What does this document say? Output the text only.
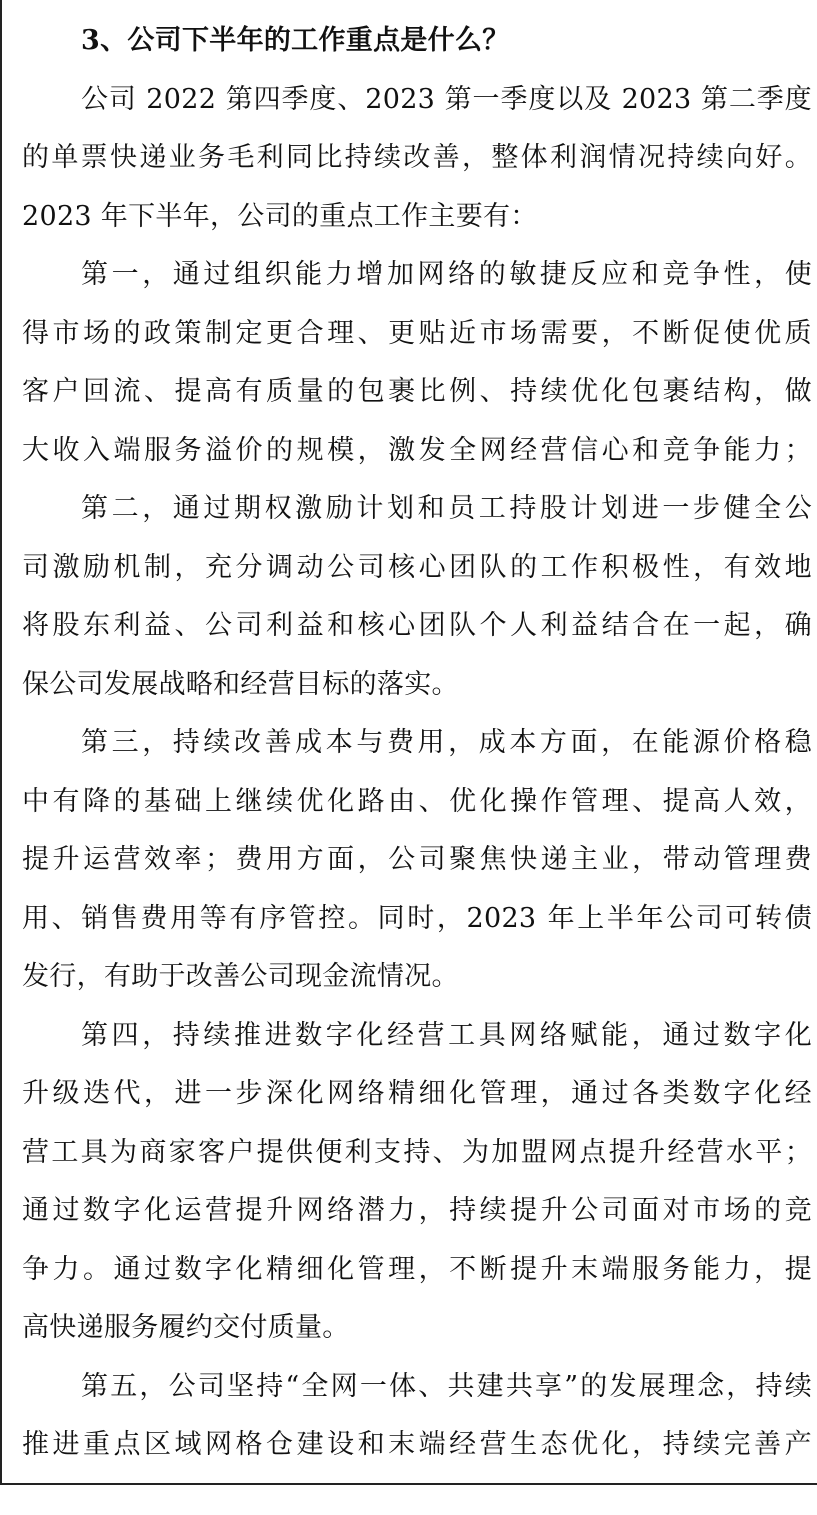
3、公司下半年的工作重点是什么？
公司 2022 第四季度、2023 第一季度以及 2023 第二季度
的单票快递业务毛利同比持续改善，整体利润情况持续向好。
2023 年下半年，公司的重点工作主要有：
第一，通过组织能力增加网络的敏捷反应和竞争性，使
得市场的政策制定更合理、更贴近市场需要，不断促使优质
客户回流、提高有质量的包裹比例、持续优化包裹结构，做
大收入端服务溢价的规模，激发全网经营信心和竞争能力；
第二，通过期权激励计划和员工持股计划进一步健全公
司激励机制，充分调动公司核心团队的工作积极性，有效地
将股东利益、公司利益和核心团队个人利益结合在一起，确
保公司发展战略和经营目标的落实。
第三，持续改善成本与费用，成本方面，在能源价格稳
中有降的基础上继续优化路由、优化操作管理、提高人效，
提升运营效率；费用方面，公司聚焦快递主业，带动管理费
用、销售费用等有序管控。同时，2023 年上半年公司可转债
发行，有助于改善公司现金流情况。
第四，持续推进数字化经营工具网络赋能，通过数字化
升级迭代，进一步深化网络精细化管理，通过各类数字化经
营工具为商家客户提供便利支持、为加盟网点提升经营水平；
通过数字化运营提升网络潜力，持续提升公司面对市场的竞
争力。通过数字化精细化管理，不断提升末端服务能力，提
高快递服务履约交付质量。
第五，公司坚持“全网一体、共建共享”的发展理念，持续
推进重点区域网格仓建设和末端经营生态优化，持续完善产
